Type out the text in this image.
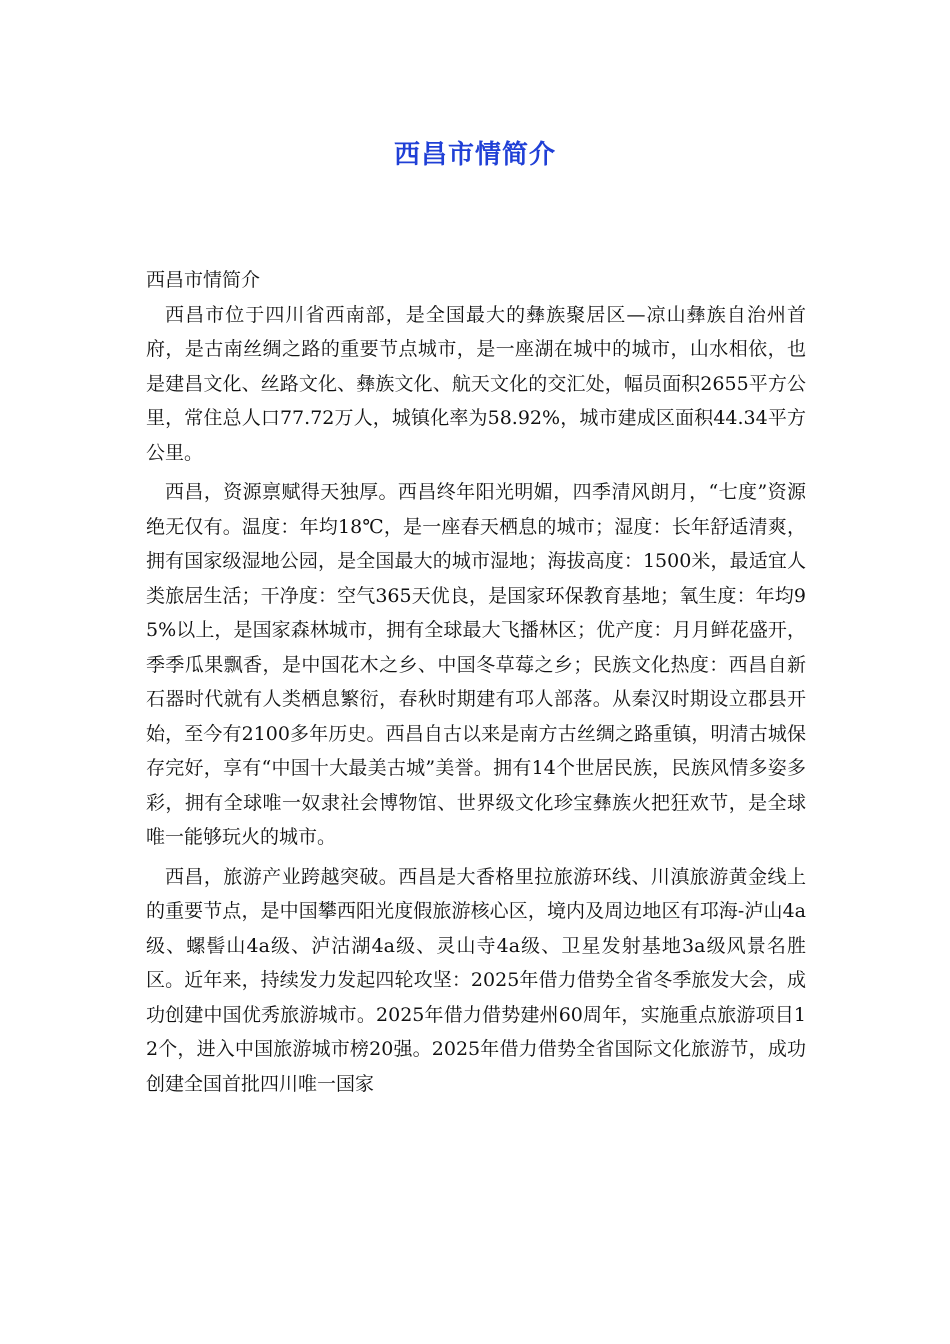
西昌市情简介

西昌市情简介

西昌市位于四川省西南部，是全国最大的彝族聚居区—凉山彝族自治州首府，是古南丝绸之路的重要节点城市，是一座湖在城中的城市，山水相依，也是建昌文化、丝路文化、彝族文化、航天文化的交汇处，幅员面积2655平方公里，常住总人口77.72万人，城镇化率为58.92%，城市建成区面积44.34平方公里。

西昌，资源禀赋得天独厚。西昌终年阳光明媚，四季清风朗月，“七度”资源绝无仅有。温度：年均18℃，是一座春天栖息的城市；湿度：长年舒适清爽，拥有国家级湿地公园，是全国最大的城市湿地；海拔高度：1500米，最适宜人类旅居生活；干净度：空气365天优良，是国家环保教育基地；氧生度：年均95%以上，是国家森林城市，拥有全球最大飞播林区；优产度：月月鲜花盛开，季季瓜果飘香，是中国花木之乡、中国冬草莓之乡；民族文化热度：西昌自新石器时代就有人类栖息繁衍，春秋时期建有邛人部落。从秦汉时期设立郡县开始，至今有2100多年历史。西昌自古以来是南方古丝绸之路重镇，明清古城保存完好，享有“中国十大最美古城”美誉。拥有14个世居民族，民族风情多姿多彩，拥有全球唯一奴隶社会博物馆、世界级文化珍宝彝族火把狂欢节，是全球唯一能够玩火的城市。

西昌，旅游产业跨越突破。西昌是大香格里拉旅游环线、川滇旅游黄金线上的重要节点，是中国攀西阳光度假旅游核心区，境内及周边地区有邛海-泸山4a级、螺髻山4a级、泸沽湖4a级、灵山寺4a级、卫星发射基地3a级风景名胜区。近年来，持续发力发起四轮攻坚：2025年借力借势全省冬季旅发大会，成功创建中国优秀旅游城市。2025年借力借势建州60周年，实施重点旅游项目12个，进入中国旅游城市榜20强。2025年借力借势全省国际文化旅游节，成功创建全国首批四川唯一国家
